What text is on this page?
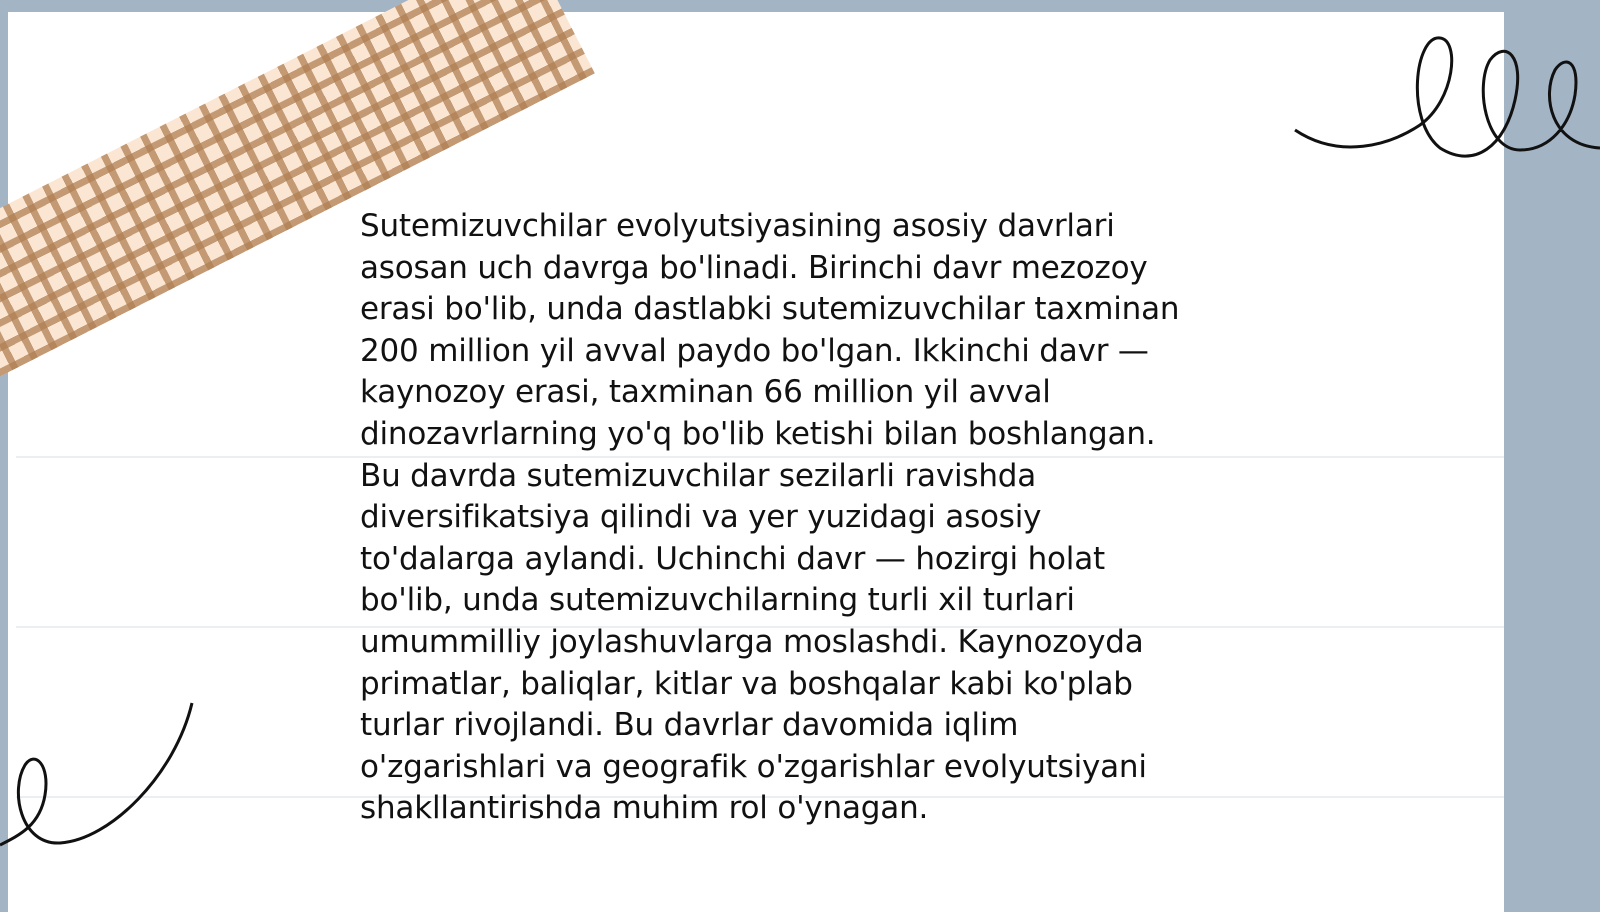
Sutemizuvchilar evolyutsiyasining asosiy davrlari
asosan uch davrga bo'linadi. Birinchi davr mezozoy
erasi bo'lib, unda dastlabki sutemizuvchilar taxminan
200 million yil avval paydo bo'lgan. Ikkinchi davr —
kaynozoy erasi, taxminan 66 million yil avval
dinozavrlarning yo'q bo'lib ketishi bilan boshlangan.
Bu davrda sutemizuvchilar sezilarli ravishda
diversifikatsiya qilindi va yer yuzidagi asosiy
to'dalarga aylandi. Uchinchi davr — hozirgi holat
bo'lib, unda sutemizuvchilarning turli xil turlari
umummilliy joylashuvlarga moslashdi. Kaynozoyda
primatlar, baliqlar, kitlar va boshqalar kabi ko'plab
turlar rivojlandi. Bu davrlar davomida iqlim
o'zgarishlari va geografik o'zgarishlar evolyutsiyani
shakllantirishda muhim rol o'ynagan.
